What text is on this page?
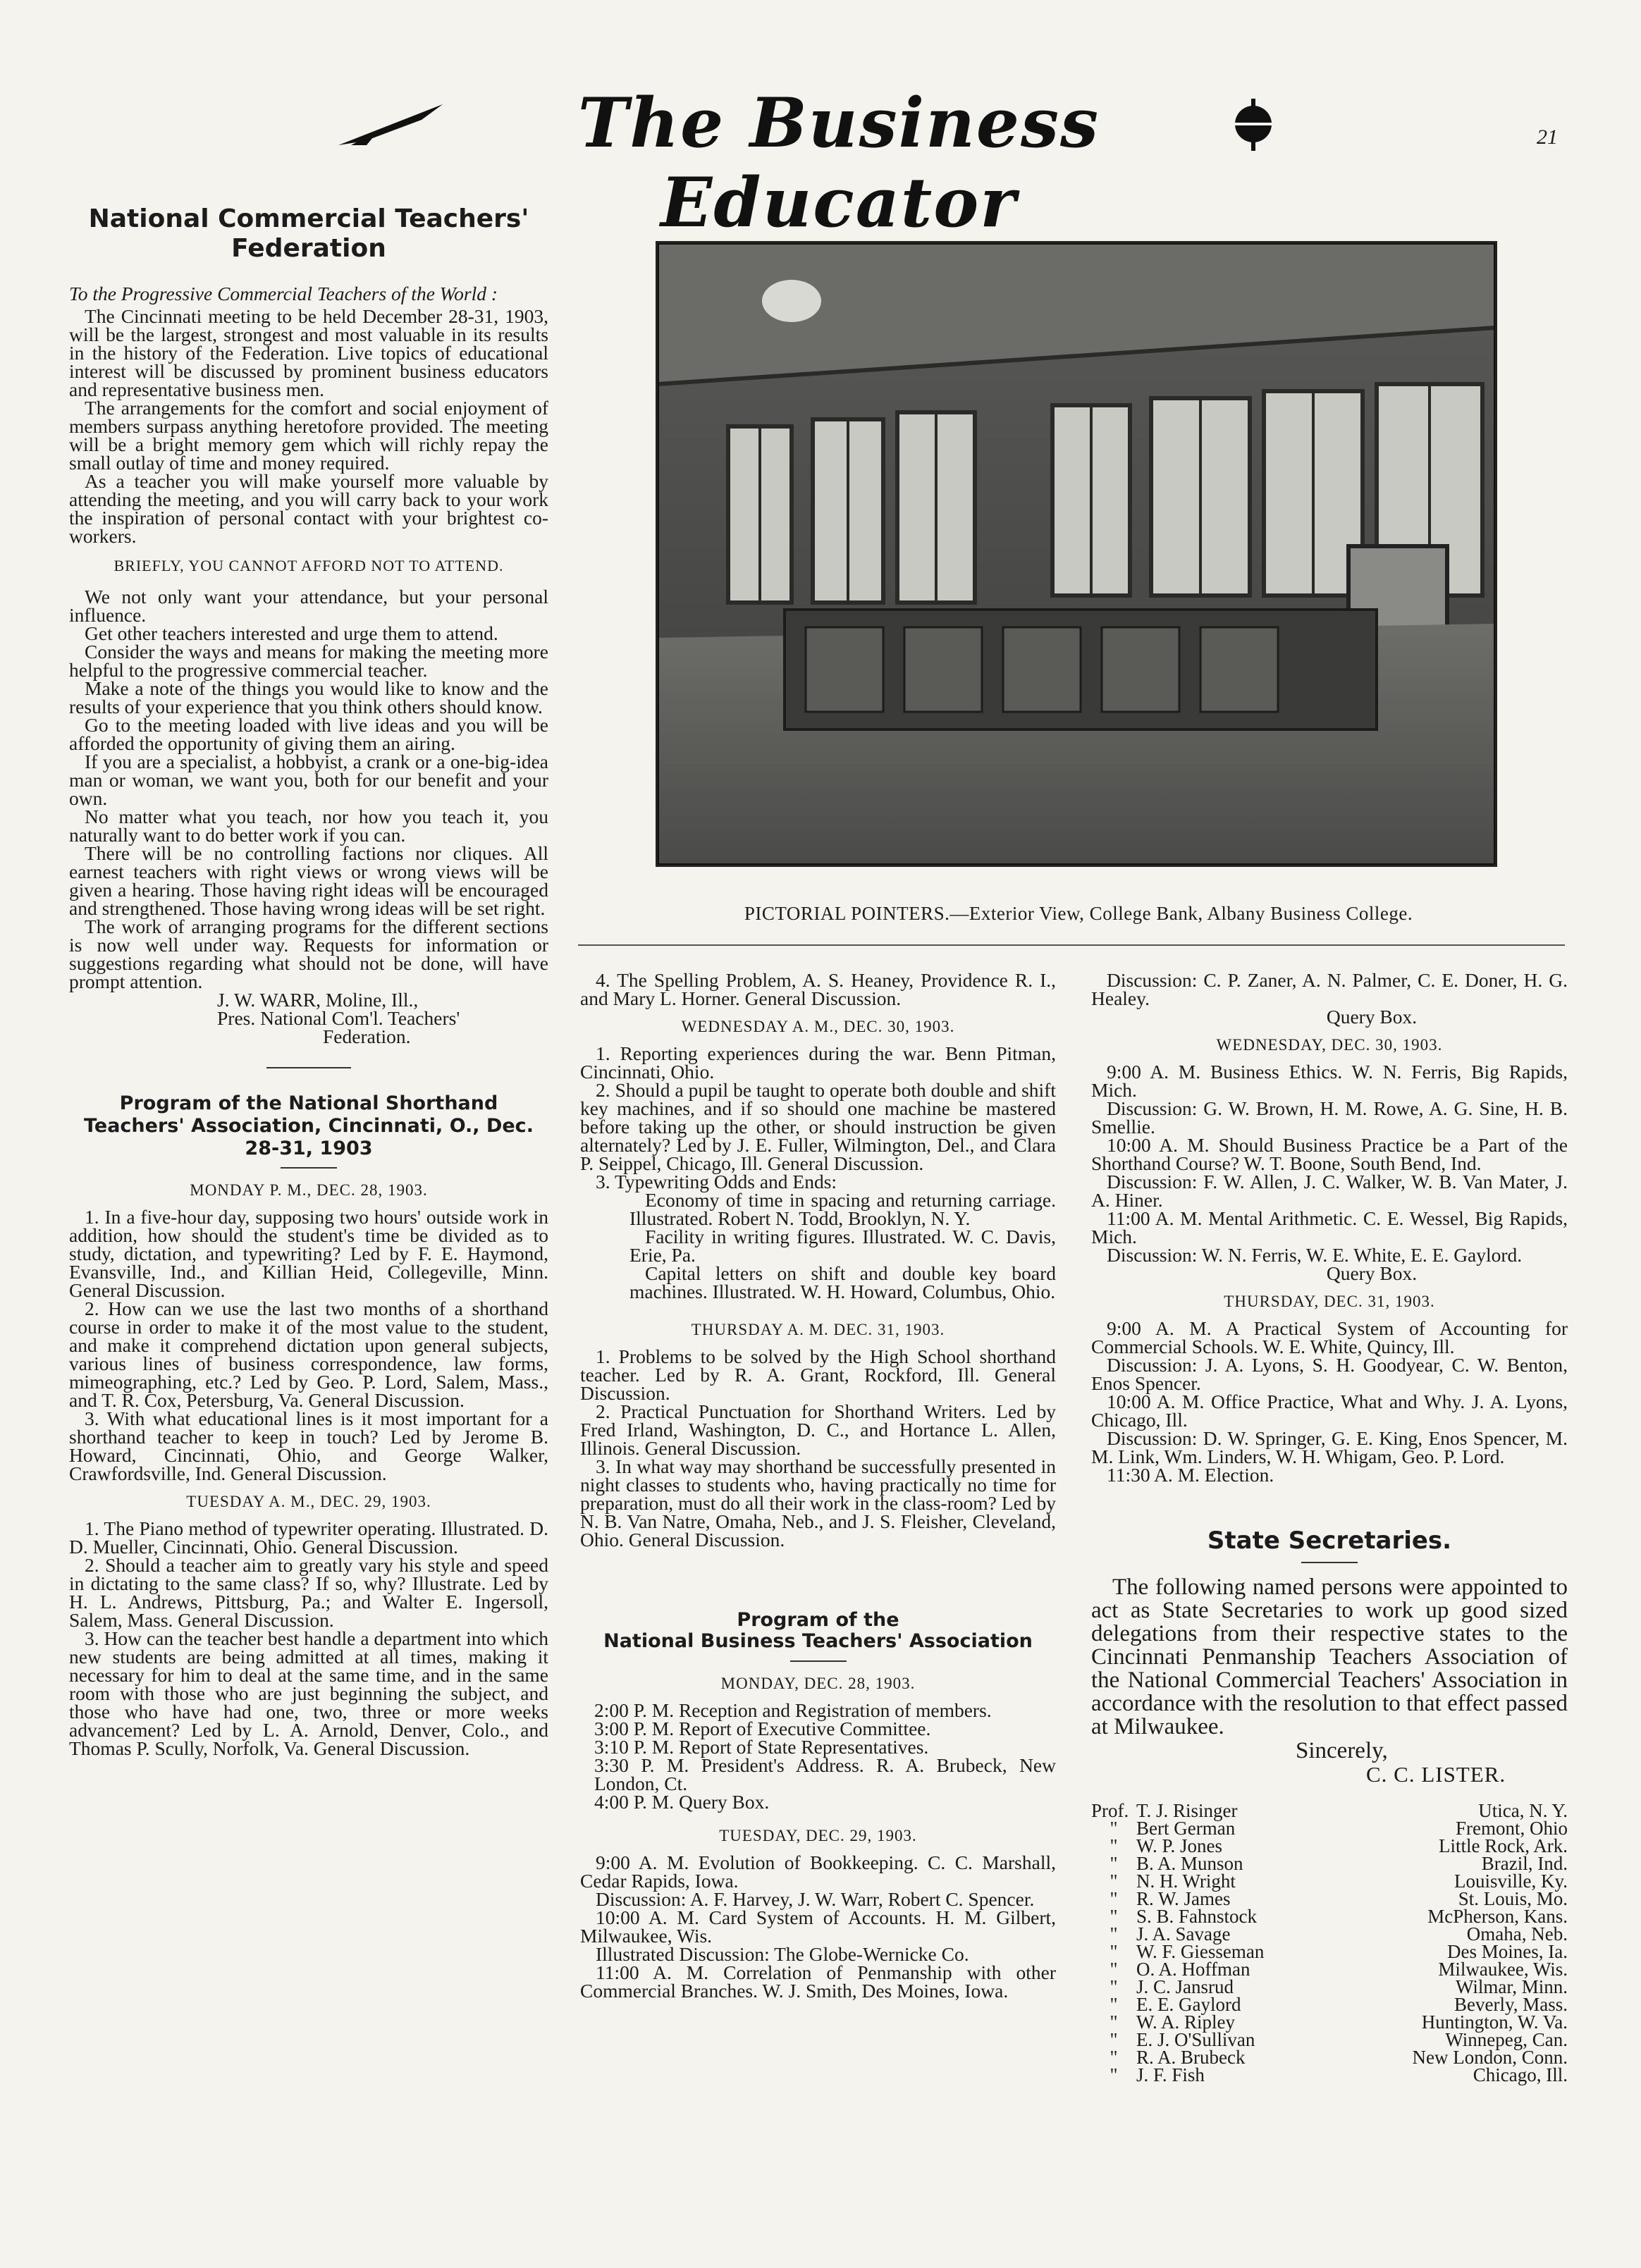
The Business Educator
21
National Commercial Teachers' Federation
To the Progressive Commercial Teachers of the World :

The Cincinnati meeting to be held December 28-31, 1903, will be the largest, strongest and most valuable in its results in the history of the Federation. Live topics of educational interest will be discussed by prominent business educators and representative business men.

The arrangements for the comfort and social enjoyment of members surpass anything heretofore provided. The meeting will be a bright memory gem which will richly repay the small outlay of time and money required.

As a teacher you will make yourself more valuable by attending the meeting, and you will carry back to your work the inspiration of personal contact with your brightest co-workers.

BRIEFLY, YOU CANNOT AFFORD NOT TO ATTEND.

We not only want your attendance, but your personal influence.

Get other teachers interested and urge them to attend.

Consider the ways and means for making the meeting more helpful to the progressive commercial teacher.

Make a note of the things you would like to know and the results of your experience that you think others should know.

Go to the meeting loaded with live ideas and you will be afforded the opportunity of giving them an airing.

If you are a specialist, a hobbyist, a crank or a one-big-idea man or woman, we want you, both for our benefit and your own.

No matter what you teach, nor how you teach it, you naturally want to do better work if you can.

There will be no controlling factions nor cliques. All earnest teachers with right views or wrong views will be given a hearing. Those having right ideas will be encouraged and strengthened. Those having wrong ideas will be set right.

The work of arranging programs for the different sections is now well under way. Requests for information or suggestions regarding what should not be done, will have prompt attention.

J. W. WARR, Moline, Ill.,
Pres. National Com'l. Teachers'
Federation.
Program of the National Shorthand Teachers' Association, Cincinnati, O., Dec. 28-31, 1903
MONDAY P. M., DEC. 28, 1903.

1. In a five-hour day, supposing two hours' outside work in addition, how should the student's time be divided as to study, dictation, and typewriting? Led by F. E. Haymond, Evansville, Ind., and Killian Heid, Collegeville, Minn. General Discussion.

2. How can we use the last two months of a shorthand course in order to make it of the most value to the student, and make it comprehend dictation upon general subjects, various lines of business correspondence, law forms, mimeographing, etc.? Led by Geo. P. Lord, Salem, Mass., and T. R. Cox, Petersburg, Va. General Discussion.

3. With what educational lines is it most important for a shorthand teacher to keep in touch? Led by Jerome B. Howard, Cincinnati, Ohio, and George Walker, Crawfordsville, Ind. General Discussion.

TUESDAY A. M., DEC. 29, 1903.

1. The Piano method of typewriter operating. Illustrated. D. D. Mueller, Cincinnati, Ohio. General Discussion.

2. Should a teacher aim to greatly vary his style and speed in dictating to the same class? If so, why? Illustrate. Led by H. L. Andrews, Pittsburg, Pa.; and Walter E. Ingersoll, Salem, Mass. General Discussion.

3. How can the teacher best handle a department into which new students are being admitted at all times, making it necessary for him to deal at the same time, and in the same room with those who are just beginning the subject, and those who have had one, two, three or more weeks advancement? Led by L. A. Arnold, Denver, Colo., and Thomas P. Scully, Norfolk, Va. General Discussion.

PICTORIAL POINTERS.—Exterior View, College Bank, Albany Business College.

4. The Spelling Problem, A. S. Heaney, Providence R. I., and Mary L. Horner. General Discussion.

WEDNESDAY A. M., DEC. 30, 1903.

1. Reporting experiences during the war. Benn Pitman, Cincinnati, Ohio.

2. Should a pupil be taught to operate both double and shift key machines, and if so should one machine be mastered before taking up the other, or should instruction be given alternately? Led by J. E. Fuller, Wilmington, Del., and Clara P. Seippel, Chicago, Ill. General Discussion.

3. Typewriting Odds and Ends:

Economy of time in spacing and returning carriage. Illustrated. Robert N. Todd, Brooklyn, N. Y.

Facility in writing figures. Illustrated. W. C. Davis, Erie, Pa.

Capital letters on shift and double key board machines. Illustrated. W. H. Howard, Columbus, Ohio.

THURSDAY A. M. DEC. 31, 1903.

1. Problems to be solved by the High School shorthand teacher. Led by R. A. Grant, Rockford, Ill. General Discussion.

2. Practical Punctuation for Shorthand Writers. Led by Fred Irland, Washington, D. C., and Hortance L. Allen, Illinois. General Discussion.

3. In what way may shorthand be successfully presented in night classes to students who, having practically no time for preparation, must do all their work in the class-room? Led by N. B. Van Natre, Omaha, Neb., and J. S. Fleisher, Cleveland, Ohio. General Discussion.

Program of the
National Business Teachers' Association
MONDAY, DEC. 28, 1903.
2:00 P. M. Reception and Registration of members.
3:00 P. M. Report of Executive Committee.
3:10 P. M. Report of State Representatives.
3:30 P. M. President's Address. R. A. Brubeck, New London, Ct.
4:00 P. M. Query Box.
TUESDAY, DEC. 29, 1903.

9:00 A. M. Evolution of Bookkeeping. C. C. Marshall, Cedar Rapids, Iowa.

Discussion: A. F. Harvey, J. W. Warr, Robert C. Spencer.

10:00 A. M. Card System of Accounts. H. M. Gilbert, Milwaukee, Wis.

Illustrated Discussion: The Globe-Wernicke Co.

11:00 A. M. Correlation of Penmanship with other Commercial Branches. W. J. Smith, Des Moines, Iowa.

Discussion: C. P. Zaner, A. N. Palmer, C. E. Doner, H. G. Healey.

Query Box.
WEDNESDAY, DEC. 30, 1903.

9:00 A. M. Business Ethics. W. N. Ferris, Big Rapids, Mich.

Discussion: G. W. Brown, H. M. Rowe, A. G. Sine, H. B. Smellie.

10:00 A. M. Should Business Practice be a Part of the Shorthand Course? W. T. Boone, South Bend, Ind.

Discussion: F. W. Allen, J. C. Walker, W. B. Van Mater, J. A. Hiner.

11:00 A. M. Mental Arithmetic. C. E. Wessel, Big Rapids, Mich.

Discussion: W. N. Ferris, W. E. White, E. E. Gaylord.

Query Box.
THURSDAY, DEC. 31, 1903.

9:00 A. M. A Practical System of Accounting for Commercial Schools. W. E. White, Quincy, Ill.

Discussion: J. A. Lyons, S. H. Goodyear, C. W. Benton, Enos Spencer.

10:00 A. M. Office Practice, What and Why. J. A. Lyons, Chicago, Ill.

Discussion: D. W. Springer, G. E. King, Enos Spencer, M. M. Link, Wm. Linders, W. H. Whigam, Geo. P. Lord.

11:30 A. M. Election.

State Secretaries.
The following named persons were appointed to act as State Secretaries to work up good sized delegations from their respective states to the Cincinnati Penmanship Teachers Association of the National Commercial Teachers' Association in accordance with the resolution to that effect passed at Milwaukee.
Sincerely,
C. C. LISTER.
Prof.	T. J. Risinger	Utica, N. Y.
"	Bert German	Fremont, Ohio
"	W. P. Jones	Little Rock, Ark.
"	B. A. Munson	Brazil, Ind.
"	N. H. Wright	Louisville, Ky.
"	R. W. James	St. Louis, Mo.
"	S. B. Fahnstock	McPherson, Kans.
"	J. A. Savage	Omaha, Neb.
"	W. F. Giesseman	Des Moines, Ia.
"	O. A. Hoffman	Milwaukee, Wis.
"	J. C. Jansrud	Wilmar, Minn.
"	E. E. Gaylord	Beverly, Mass.
"	W. A. Ripley	Huntington, W. Va.
"	E. J. O'Sullivan	Winnepeg, Can.
"	R. A. Brubeck	New London, Conn.
"	J. F. Fish	Chicago, Ill.
